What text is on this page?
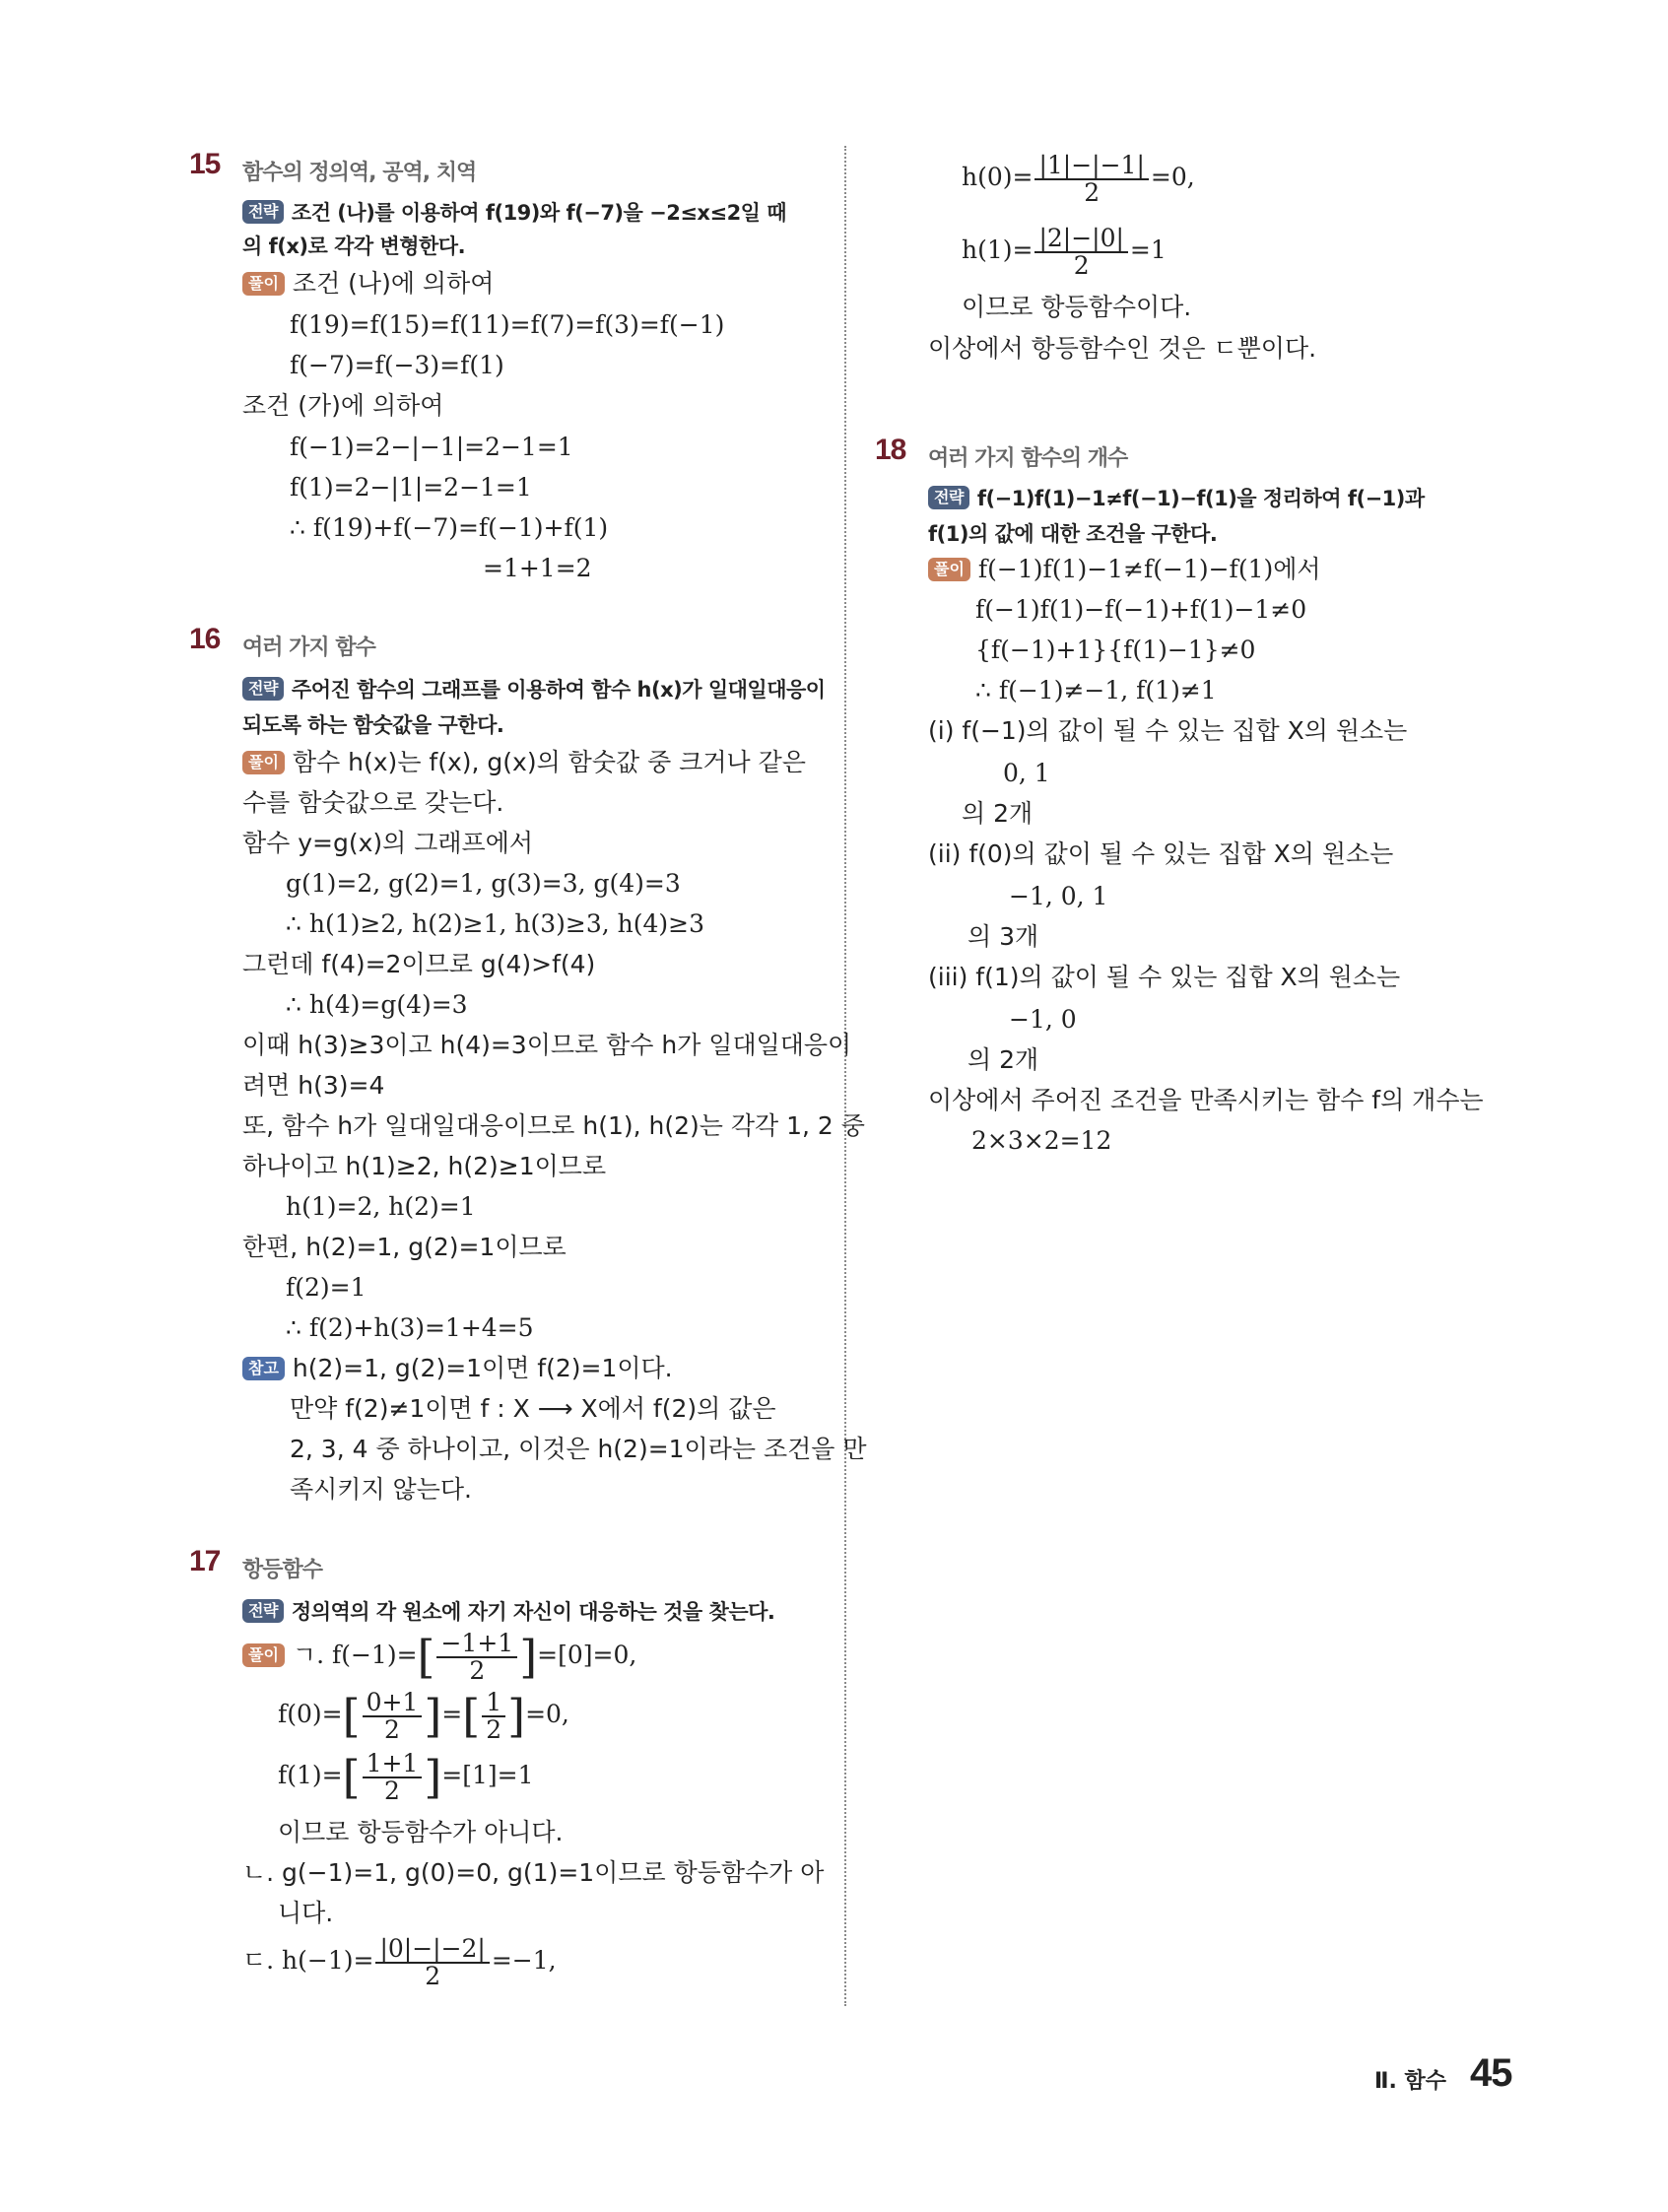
15 함수의 정의역, 공역, 치역
전략 조건 (나)를 이용하여 f(19)와 f(−7)을 −2≤x≤2일 때
의 f(x)로 각각 변형한다.
풀이 조건 (나)에 의하여
f(19)=f(15)=f(11)=f(7)=f(3)=f(−1)
f(−7)=f(−3)=f(1)
조건 (가)에 의하여
f(−1)=2−|−1|=2−1=1
f(1)=2−|1|=2−1=1
∴ f(19)+f(−7)=f(−1)+f(1)
=1+1=2
16 여러 가지 함수
전략 주어진 함수의 그래프를 이용하여 함수 h(x)가 일대일대응이
되도록 하는 함숫값을 구한다.
풀이 함수 h(x)는 f(x), g(x)의 함숫값 중 크거나 같은
수를 함숫값으로 갖는다.
함수 y=g(x)의 그래프에서
g(1)=2, g(2)=1, g(3)=3, g(4)=3
∴ h(1)≥2, h(2)≥1, h(3)≥3, h(4)≥3
그런데 f(4)=2이므로 g(4)>f(4)
∴ h(4)=g(4)=3
이때 h(3)≥3이고 h(4)=3이므로 함수 h가 일대일대응이
려면 h(3)=4
또, 함수 h가 일대일대응이므로 h(1), h(2)는 각각 1, 2 중
하나이고 h(1)≥2, h(2)≥1이므로
h(1)=2, h(2)=1
한편, h(2)=1, g(2)=1이므로
f(2)=1
∴ f(2)+h(3)=1+4=5
참고 h(2)=1, g(2)=1이면 f(2)=1이다.
만약 f(2)≠1이면 f : X ⟶ X에서 f(2)의 값은
2, 3, 4 중 하나이고, 이것은 h(2)=1이라는 조건을 만
족시키지 않는다.
17 항등함수
전략 정의역의 각 원소에 자기 자신이 대응하는 것을 찾는다.
풀이 ㄱ. $f(-1)=[ \frac{-1+1}{2} ]=[0]=0$,
$f(0)=[ \frac{0+1}{2}$ ]=[ $\frac{1}{2} ]=0$,
$f(1)=[ \frac{1+1}{2} ]=[1]=1$
이므로 항등함수가 아니다.
ㄴ. g(−1)=1, g(0)=0, g(1)=1이므로 항등함수가 아
니다.
ㄷ. $h(-1)= \frac{|0|-|-2|}{2} =-1$,
$h(0)= \frac{|1|-|-1|}{2} =0$,
$h(1)= \frac{|2|-|0|}{2} =1$
이므로 항등함수이다.
이상에서 항등함수인 것은 ㄷ뿐이다.
18 여러 가지 함수의 개수
전략 f(−1)f(1)−1≠f(−1)−f(1)을 정리하여 f(−1)과
f(1)의 값에 대한 조건을 구한다.
풀이 f(−1)f(1)−1≠f(−1)−f(1)에서
f(−1)f(1)−f(−1)+f(1)−1≠0
{f(−1)+1}{f(1)−1}≠0
∴ f(−1)≠−1, f(1)≠1
(i) f(−1)의 값이 될 수 있는 집합 X의 원소는
0, 1
의 2개
(ii) f(0)의 값이 될 수 있는 집합 X의 원소는
−1, 0, 1
의 3개
(iii) f(1)의 값이 될 수 있는 집합 X의 원소는
−1, 0
의 2개
이상에서 주어진 조건을 만족시키는 함수 f의 개수는
2×3×2=12
Ⅱ. 함수 45
